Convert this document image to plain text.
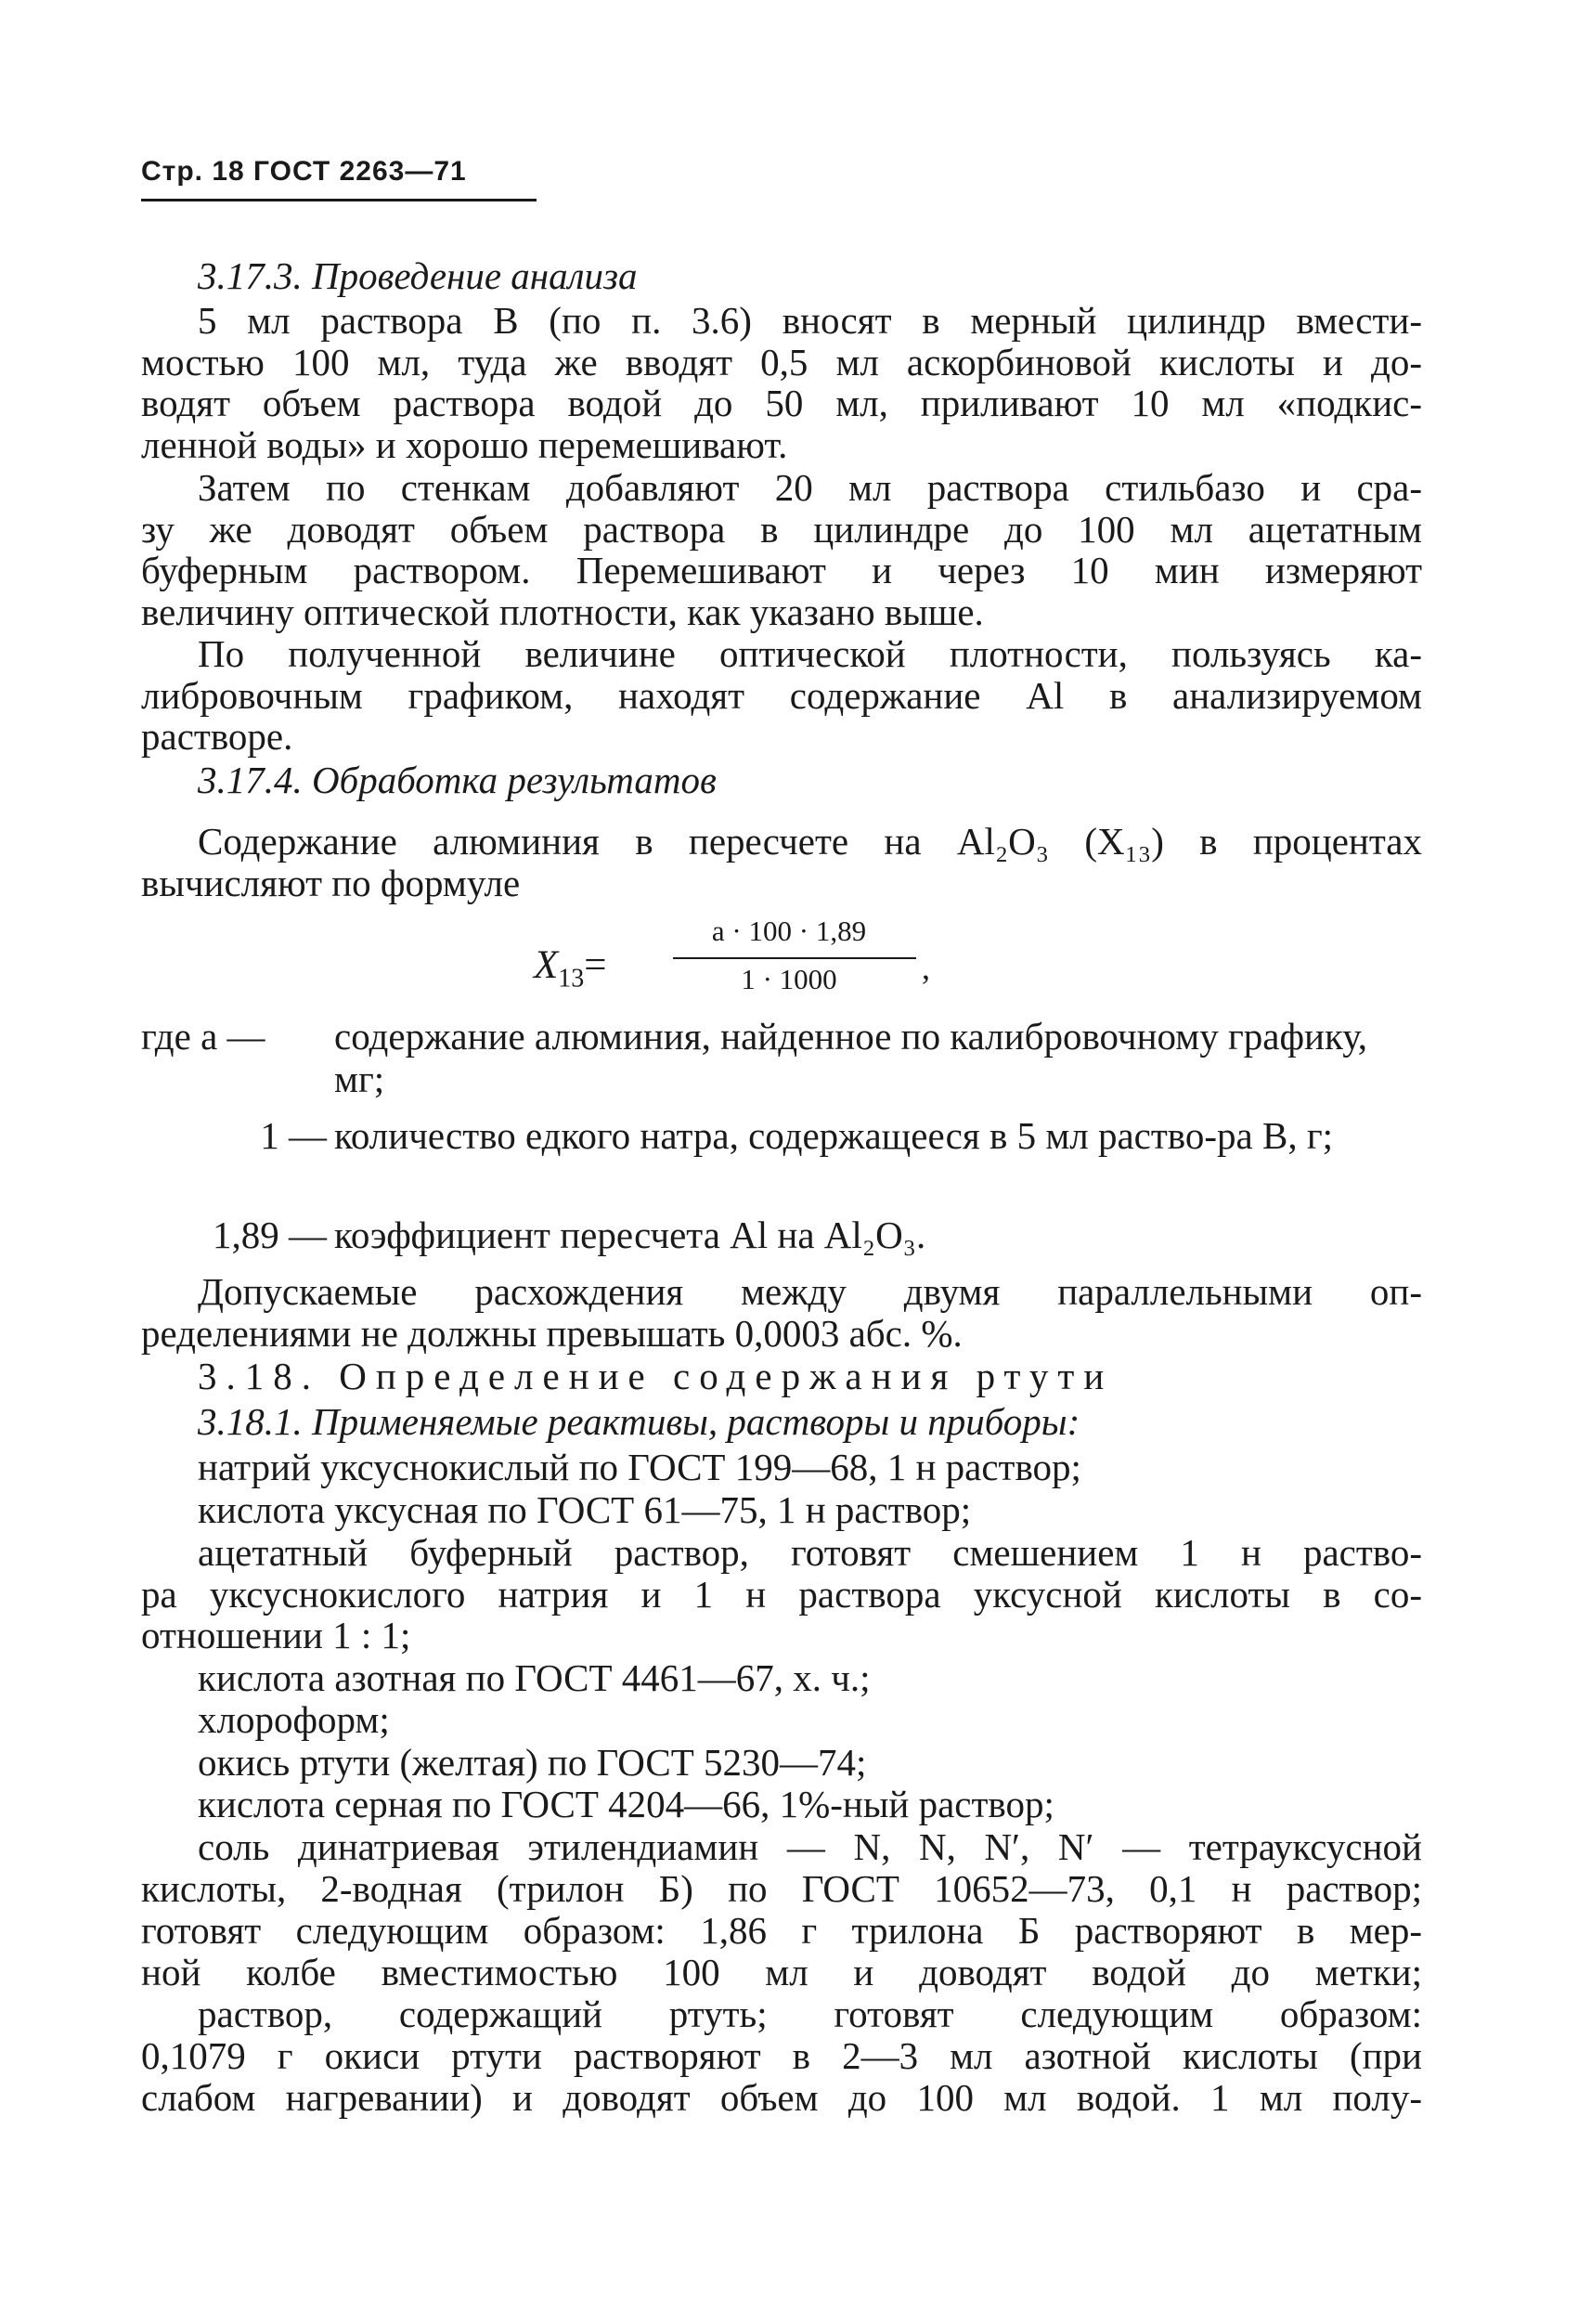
Стр. 18 ГОСТ 2263—71
3.17.3. Проведение анализа
5 мл раствора В (по п. 3.6) вносят в мерный цилиндр вмести-
мостью 100 мл, туда же вводят 0,5 мл аскорбиновой кислоты и до-
водят объем раствора водой до 50 мл, приливают 10 мл «подкис-
ленной воды» и хорошо перемешивают.
Затем по стенкам добавляют 20 мл раствора стильбазо и сра-
зу же доводят объем раствора в цилиндре до 100 мл ацетатным
буферным раствором. Перемешивают и через 10 мин измеряют
величину оптической плотности, как указано выше.
По полученной величине оптической плотности, пользуясь ка-
либровочным графиком, находят содержание Al в анализируемом
растворе.
3.17.4. Обработка результатов
Содержание алюминия в пересчете на Al₂O₃ (X₁₃) в процентах
вычисляют по формуле
$X_{13}=$
a · 100 · 1,89
1 · 1000	,
где a —	содержание алюминия, найденное по калибровочному графику, мг;
1 — количество едкого натра, содержащееся в 5 мл раство-ра В, г;
1,89 — коэффициент пересчета Al на Al₂O₃.
Допускаемые расхождения между двумя параллельными оп-
ределениями не должны превышать 0,0003 абс. %.
3.18. Определение содержания ртути
3.18.1. Применяемые реактивы, растворы и приборы:
натрий уксуснокислый по ГОСТ 199—68, 1 н раствор;
кислота уксусная по ГОСТ 61—75, 1 н раствор;
ацетатный буферный раствор, готовят смешением 1 н раство-
ра уксуснокислого натрия и 1 н раствора уксусной кислоты в со-
отношении 1 : 1;
кислота азотная по ГОСТ 4461—67, х. ч.;
хлороформ;
окись ртути (желтая) по ГОСТ 5230—74;
кислота серная по ГОСТ 4204—66, 1%-ный раствор;
соль динатриевая этилендиамин — N, N, N′, N′ — тетрауксусной
кислоты, 2-водная (трилон Б) по ГОСТ 10652—73, 0,1 н раствор;
готовят следующим образом: 1,86 г трилона Б растворяют в мер-
ной колбе вместимостью 100 мл и доводят водой до метки;
раствор, содержащий ртуть; готовят следующим образом:
0,1079 г окиси ртути растворяют в 2—3 мл азотной кислоты (при
слабом нагревании) и доводят объем до 100 мл водой. 1 мл полу-
